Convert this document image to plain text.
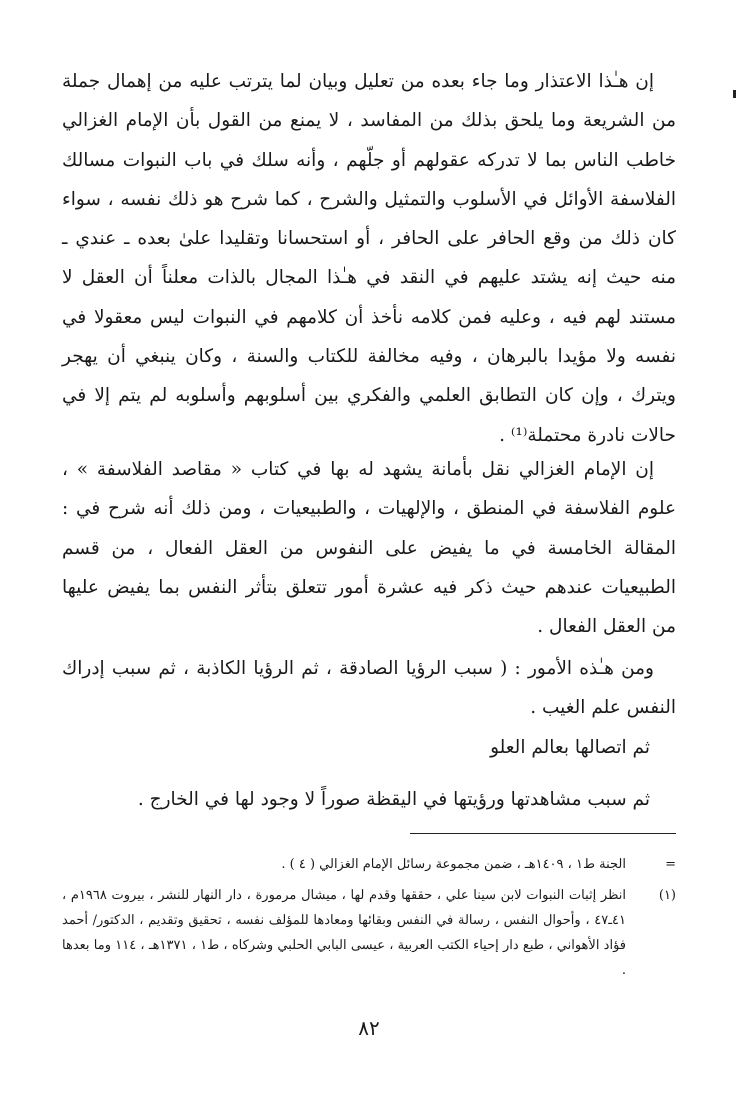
إن هـٰذا الاعتذار وما جاء بعده من تعليل وبيان لما يترتب عليه من إهمال جملة من الشريعة وما يلحق بذلك من المفاسد ، لا يمنع من القول بأن الإمام الغزالي خاطب الناس بما لا تدركه عقولهم أو جلّهم ، وأنه سلك في باب النبوات مسالك الفلاسفة الأوائل في الأسلوب والتمثيل والشرح ، كما شرح هو ذلك نفسه ، سواء كان ذلك من وقع الحافر على الحافر ، أو استحسانا وتقليدا علىٰ بعده ـ عندي ـ منه حيث إنه يشتد عليهم في النقد في هـٰذا المجال بالذات معلناً أن العقل لا مستند لهم فيه ، وعليه فمن كلامه نأخذ أن كلامهم في النبوات ليس معقولا في نفسه ولا مؤيدا بالبرهان ، وفيه مخالفة للكتاب والسنة ، وكان ينبغي أن يهجر ويترك ، وإن كان التطابق العلمي والفكري بين أسلوبهم وأسلوبه لم يتم إلا في حالات نادرة محتملة⁽¹⁾ .

إن الإمام الغزالي نقل بأمانة يشهد له بها في كتاب « مقاصد الفلاسفة » ، علوم الفلاسفة في المنطق ، والإلهيات ، والطبيعيات ، ومن ذلك أنه شرح في : المقالة الخامسة في ما يفيض على النفوس من العقل الفعال ، من قسم الطبيعيات عندهم حيث ذكر فيه عشرة أمور تتعلق بتأثر النفس بما يفيض عليها من العقل الفعال .

ومن هـٰذه الأمور : ( سبب الرؤيا الصادقة ، ثم الرؤيا الكاذبة ، ثم سبب إدراك النفس علم الغيب .

ثم اتصالها بعالم العلو

ثم سبب مشاهدتها ورؤيتها في اليقظة صوراً لا وجود لها في الخارج .

=
الجنة ط١ ، ١٤٠٩هـ ، ضمن مجموعة رسائل الإمام الغزالي ( ٤ ) .
(١)
انظر إثبات النبوات لابن سينا علي ، حققها وقدم لها ، ميشال مرمورة ، دار النهار للنشر ، بيروت ١٩٦٨م ، ٤١ـ٤٧ ، وأحوال النفس ، رسالة في النفس وبقائها ومعادها للمؤلف نفسه ، تحقيق وتقديم ، الدكتور/ أحمد فؤاد الأهواني ، طبع دار إحياء الكتب العربية ، عيسى البابي الحلبي وشركاه ، ط١ ، ١٣٧١هـ ، ١١٤ وما بعدها .
٨٢
